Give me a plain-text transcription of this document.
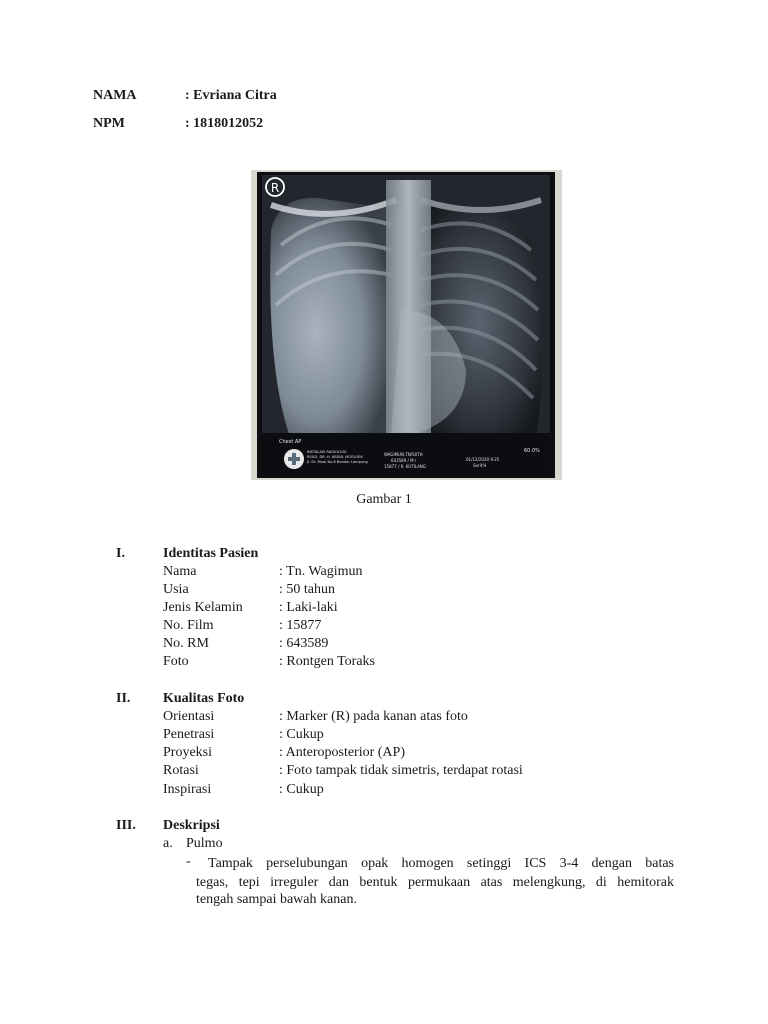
NAMA	: Evriana Citra
NPM	: 1818012052
R
Chest AP
60.0%
INSTALASI RADIOLOGI
RSUD. DR. H. ABDUL MOELOEK
Jl. Dr. Rivai No.6 Bandar Lampung
WAGIMUN,TN/50TH
643589 / M /
15877 / R. KUTILANG
01/12/2020 9:25
Serif:H
Gambar 1
I.	Identitas Pasien
Nama	: Tn. Wagimun
Usia	: 50 tahun
Jenis Kelamin	: Laki-laki
No. Film	: 15877
No. RM	: 643589
Foto	: Rontgen Toraks
II. Kualitas Foto
Orientasi	: Marker (R) pada kanan atas foto
Penetrasi	: Cukup
Proyeksi	: Anteroposterior (AP)
Rotasi	: Foto tampak tidak simetris, terdapat rotasi
Inspirasi	: Cukup
III. Deskripsi
a. Pulmo
- Tampak perselubungan opak homogen setinggi ICS 3-4 dengan batas
tegas, tepi irreguler dan bentuk permukaan atas melengkung, di hemitorak
tengah sampai bawah kanan.
